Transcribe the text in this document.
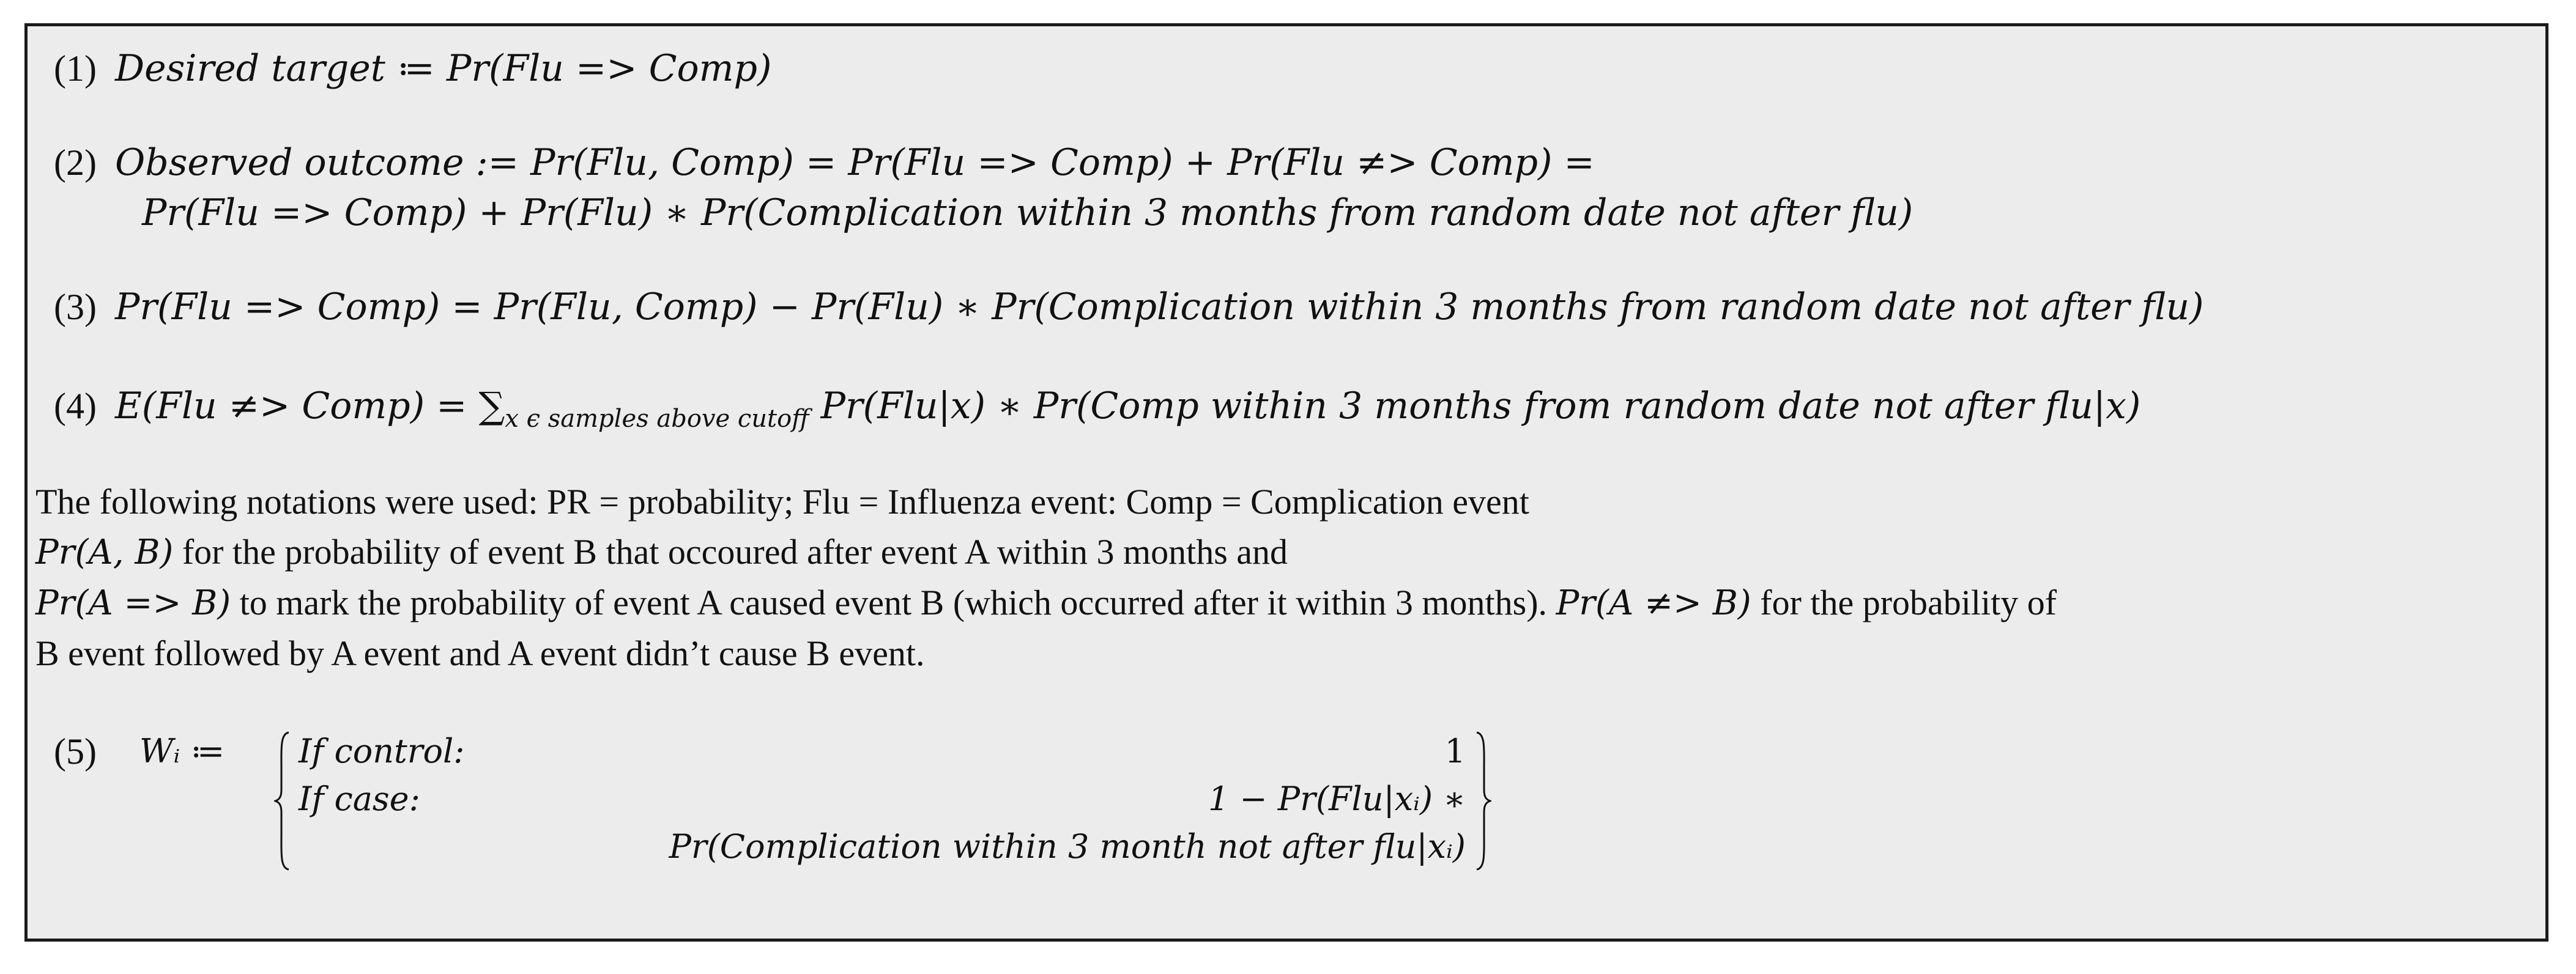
(1) Desired target ≔ Pr(Flu => Comp)
(2) Observed outcome := Pr(Flu, Comp) = Pr(Flu => Comp) + Pr(Flu ≠> Comp) =
Pr(Flu => Comp) + Pr(Flu) ∗ Pr(Complication within 3 months from random date not after flu)
(3) Pr(Flu => Comp) = Pr(Flu, Comp) − Pr(Flu) ∗ Pr(Complication within 3 months from random date not after flu)
(4) E(Flu ≠> Comp) = $\sum_{x \epsilon samples above cutoff}$ Pr(Flu|x) ∗ Pr(Comp within 3 months from random date not after flu|x)
The following notations were used: PR = probability; Flu = Influenza event: Comp = Complication event
Pr(A, B) for the probability of event B that occoured after event A within 3 months and
Pr(A => B) to mark the probability of event A caused event B (which occurred after it within 3 months). Pr(A ≠> B) for the probability of
B event followed by A event and A event didn’t cause B event.
(5) Wᵢ ≔ If control:	1
If case:	1 − Pr(Flu|xᵢ) ∗
Pr(Complication within 3 month not after flu|xᵢ)
